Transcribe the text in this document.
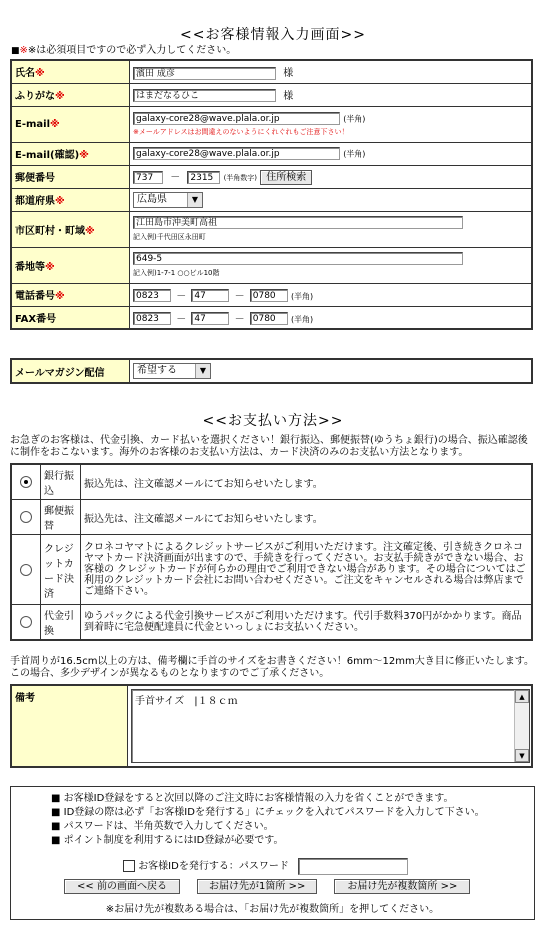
<<お客様情報入力画面>>
■※※は必須項目ですので必ず入力してください。
氏名※	濱田 成彦 様
ふりがな※	はまだなるひこ 様
E-mail※	galaxy-core28@wave.plala.or.jp (半角)
※メールアドレスはお間違えのないようにくれぐれもご注意下さい！

E-mail(確認)※	galaxy-core28@wave.plala.or.jp (半角)
郵便番号	737 － 2315 (半角数字) 住所検索
都道府県※	広島県 ▼

市区町村・町域※	江田島市沖美町高祖
記入例)千代田区永田町

番地等※	649-5
記入例)1-7-1 ○○ビル10階

電話番号※	0823 － 47 － 0780 (半角)
FAX番号	0823 － 47 － 0780 (半角)
メールマガジン配信	希望する	▼
<<お支払い方法>>
お急ぎのお客様は、代金引換、カード払いを選択ください！銀行振込、郵便振替(ゆうちょ銀行)の場合、振込確認後に制作をおこないます。海外のお客様のお支払い方法は、カード決済のみのお支払い方法となります。
	銀行振込	振込先は、注文確認メールにてお知らせいたします。
	郵便振替	振込先は、注文確認メールにてお知らせいたします。
	クレジットカード決済	クロネコヤマトによるクレジットサービスがご利用いただけます。注文確定後、引き続きクロネコヤマトカード決済画面が出ますので、手続きを行ってください。お支払手続きができない場合、お客様の クレジットカードが何らかの理由でご利用できない場合があります。その場合についてはご利用のクレジットカード会社にお問い合わせください。ご注文をキャンセルされる場合は弊店までご連絡下さい。
	代金引換	ゆうパックによる代金引換サービスがご利用いただけます。代引手数料370円がかかります。商品到着時に宅急便配達員に代金といっしょにお支払いください。
手首周りが16.5cm以上の方は、備考欄に手首のサイズをお書きください！6mm～12mm大き目に修正いたします。この場合、多少デザインが異なるものとなりますのでご了承ください。
備考	手首サイズ　|１８ｃｍ	▲
▼
■ お客様ID登録をすると次回以降のご注文時にお客様情報の入力を省くことができます。
■ ID登録の際は必ず「お客様IDを発行する」にチェックを入れてパスワードを入力して下さい。
■ パスワードは、半角英数で入力してください。
■ ポイント制度を利用するにはID登録が必要です。
お客様IDを発行する：パスワード
<< 前の画面へ戻る	お届け先が1箇所 >>	お届け先が複数箇所 >>
※お届け先が複数ある場合は、「お届け先が複数箇所」を押してください。
